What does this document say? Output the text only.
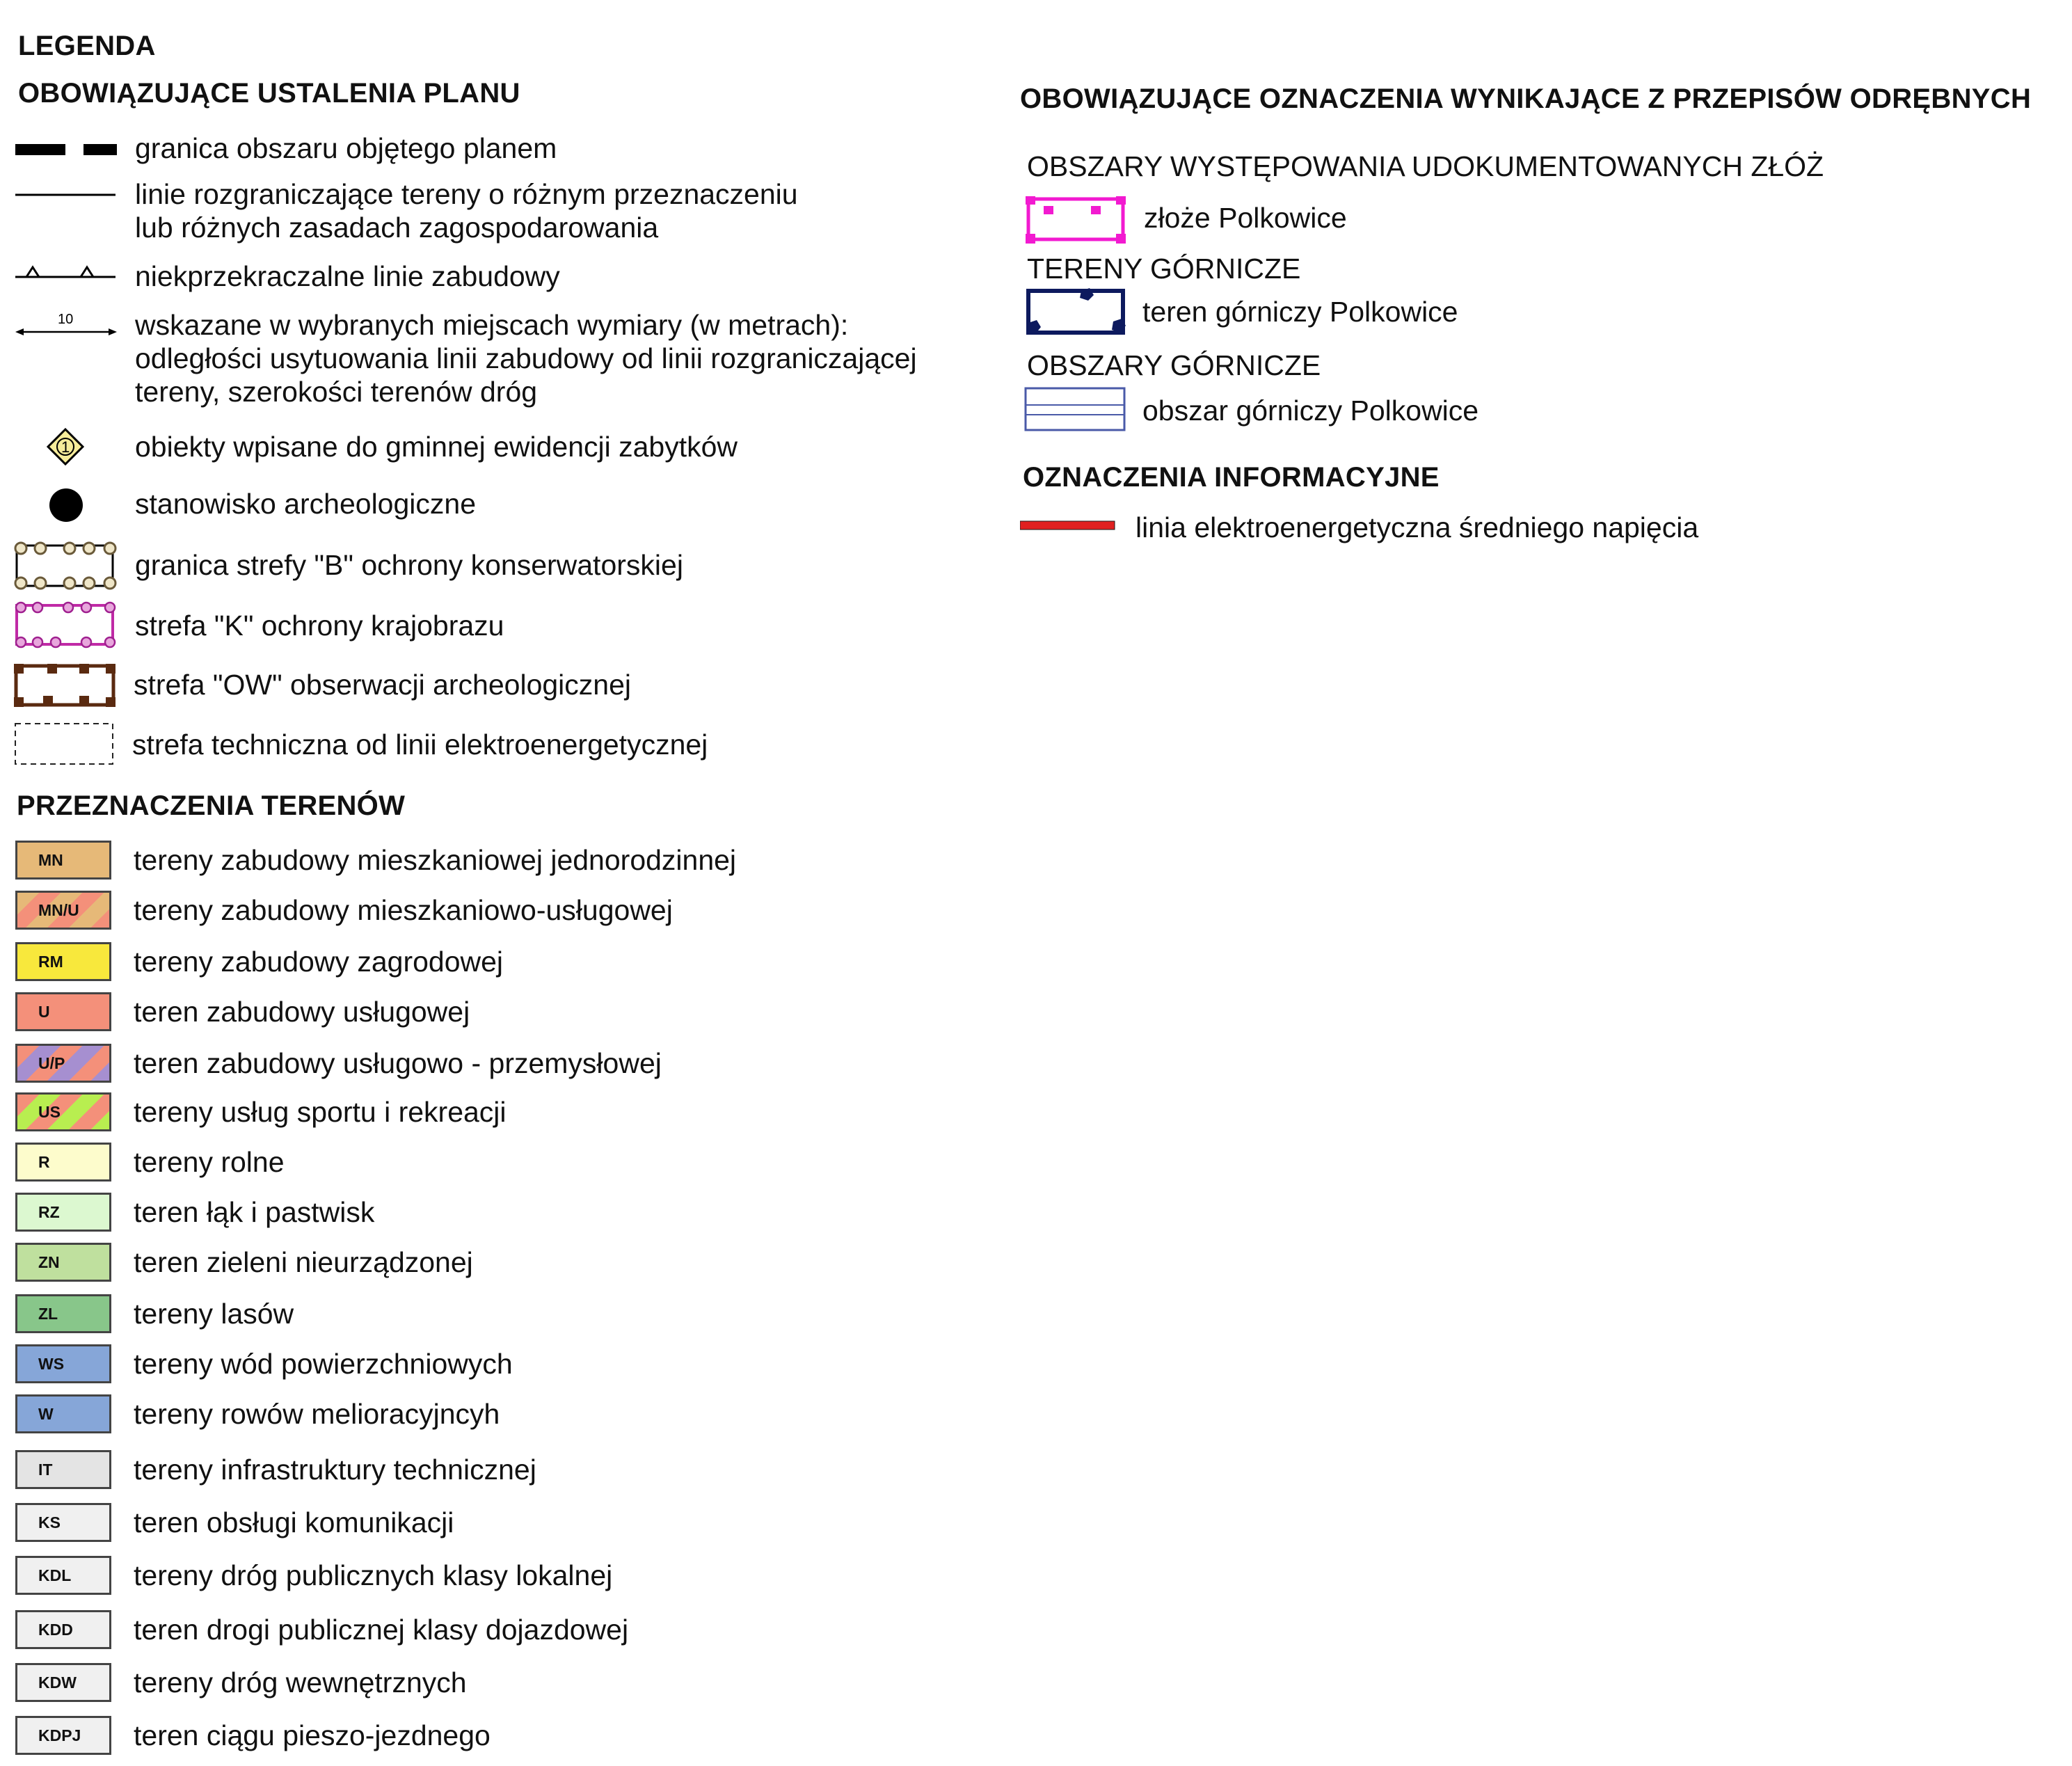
LEGENDA
OBOWIĄZUJĄCE USTALENIA PLANU
granica obszaru objętego planem
linie rozgraniczające tereny o różnym przeznaczeniu
lub różnych zasadach zagospodarowania
niekprzekraczalne linie zabudowy
10 wskazane w wybranych miejscach wymiary (w metrach):
odległości usytuowania linii zabudowy od linii rozgraniczającej
tereny, szerokości terenów dróg
1 obiekty wpisane do gminnej ewidencji zabytków
stanowisko archeologiczne
granica strefy "B" ochrony konserwatorskiej
strefa "K" ochrony krajobrazu
strefa "OW" obserwacji archeologicznej
strefa techniczna od linii elektroenergetycznej
PRZEZNACZENIA TERENÓW
MN tereny zabudowy mieszkaniowej jednorodzinnej
MN/U tereny zabudowy mieszkaniowo-usługowej
RM tereny zabudowy zagrodowej
U	teren zabudowy usługowej
U/P teren zabudowy usługowo - przemysłowej
US	tereny usług sportu i rekreacji
R	tereny rolne
RZ	teren łąk i pastwisk
ZN	teren zieleni nieurządzonej
ZL	tereny lasów
WS tereny wód powierzchniowych
W	tereny rowów melioracyjncyh
IT	tereny infrastruktury technicznej
KS	teren obsługi komunikacji
KDL tereny dróg publicznych klasy lokalnej
KDD teren drogi publicznej klasy dojazdowej
KDW tereny dróg wewnętrznych
KDPJ teren ciągu pieszo-jezdnego
OBOWIĄZUJĄCE OZNACZENIA WYNIKAJĄCE Z PRZEPISÓW ODRĘBNYCH
OBSZARY WYSTĘPOWANIA UDOKUMENTOWANYCH ZŁÓŻ
złoże Polkowice
TERENY GÓRNICZE
teren górniczy Polkowice
OBSZARY GÓRNICZE
obszar górniczy Polkowice
OZNACZENIA INFORMACYJNE
linia elektroenergetyczna średniego napięcia
